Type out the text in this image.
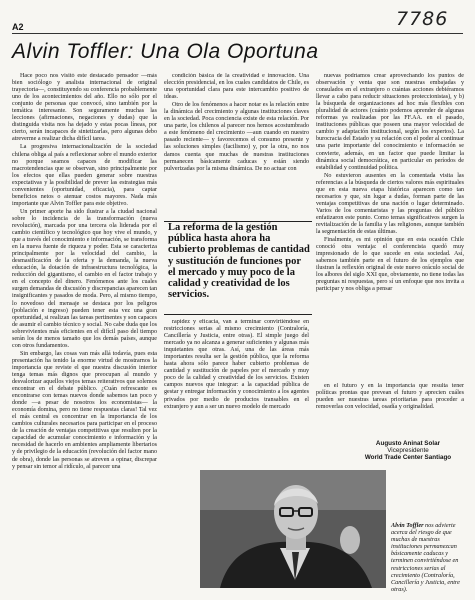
7786
A2
Alvin Toffler: Una Ola Oportuna

Hace poco nos visitó este destacado pensador —más bien sociólogo y analista internacional de original trayectoria—, constituyendo su conferencia probablemente uno de los acontecimientos del año. Ello no sólo por el conjunto de personas que convocó, sino también por la temática interesante. Son seguramente muchas las lecciones (afirmaciones, negaciones y dudas) que la distinguida visita nos ha dejado y estas pocas líneas, por cierto, serán incapaces de sintetizarlas, pero algunas debo atreverme a realizar dicha difícil tarea.

La progresiva internacionalización de la sociedad chilena obliga al país a reflexionar sobre el mundo exterior no porque seamos capaces de modificar las macrotendencias que se observan, sino principalmente por los efectos que ellas pueden generar sobre nuestras expectativas y la posibilidad de prever las estrategias más convenientes (oportunidad, eficacia), para captar beneficios netos o atenuar costos mayores. Nada más importante que Alvin Toffler para este objetivo.

Un primer aporte ha sido ilustrar a la ciudad nacional sobre lo incidencia de la transformación (nueva revolución), marcada por una tercera ola liderada por el cambio científico y tecnológico que hoy vive el mundo, y que a través del conocimiento e información, se transforma en la nueva fuente de riqueza y poder. Esta se caracteriza principalmente por la velocidad del cambio, la desmasificación de la oferta y la demanda, la nueva educación, la dotación de infraestructura tecnológica, la reducción del gigantismo, el cambio en el factor trabajo y en el concepto del dinero. Fenómenos ante los cuales surgen demandas de discusión y discrepancias aparecen tan insignificantes y pasados de moda. Pero, al mismo tiempo, lo novedoso del mensaje se destaca por los peligros (población e ingreso) pueden tener esta vez una gran oportunidad, si realizan las tareas pertinentes y son capaces de asumir el cambio técnico y social. No cabe duda que los sobrevivientes más eficientes en el difícil paso del tiempo serán los de menos tamaño que los demás países, aunque con otros fundamentos.

Sin embargo, las cosas van más allá todavía, pues esta presentación ha tenido la enorme virtud de mostrarnos la importancia que reviste el que nuestra discusión interior tenga temas más dignos que preocupan al mundo y desvalorizar aquellos viejos temas reiterativos que solemos encontrar en el debate público. ¿Cuán refrescante es encontrarse con temas nuevos donde sabemos tan poco y donde —a pesar de nosotros los economistas— la economía domina, pero no tiene respuestas claras! Tal vez el más central es concentrar en la importancia de los cambios culturales necesarios para participar en el proceso de la creación de ventajas competitivas que resulten por la capacidad de acumular conocimiento e información y la necesidad de hacerlo en ambientes ampliamente libertarios y de privilegio de la educación (revolución del factor mano de obra), donde las personas se atreven a opinar, discrepar y pensar sin temor al ridículo, al parecer una

condición básica de la creatividad e innovación. Una elección presidencial, en los cuales candidatos de Chile, es una oportunidad clara para este intercambio positivo de ideas.

Otro de los fenómenos a hacer notar es la relación entre la dinámica del crecimiento y algunas instituciones claves en la sociedad. Poca conciencia existe de esta relación. Por una parte, los chilenos al parecer nos hemos acostumbrado a este fenómeno del crecimiento —aun cuando en nuestro pasado reciente— y favorecemos el consumo presente y las soluciones simples (facilismo) y, por la otra, no nos damos cuenta que muchas de nuestras instituciones permanecen básicamente caducas y están siendo pulverizadas por la misma dinámica. De no actuar con

La reforma de la gestión pública hasta ahora ha cubierto problemas de cantidad y sustitución de funciones por el mercado y muy poco de la calidad y creatividad de los servicios.

rapidez y eficacia, van a terminar convirtiéndose en restricciones serias al mismo crecimiento (Contraloría, Cancillería y Justicia, entre otras). El simple juego del mercado ya no alcanza a generar suficientes y algunas más inquietantes que otras. Así, una de las áreas más importantes resulta ser la gestión pública, que la reforma hasta ahora sólo parece haber cubierto problemas de cantidad y sustitución de papeles por el mercado y muy poco de la calidad y creatividad de los servicios. Existen campos nuevos que integrar: a la capacidad pública de gestar y entregar información y conocimiento a los agentes privados por medio de productos transables en el extranjero y aun a ser un nuevo modelo de mercado

nuevas podríamos crear aprovechando los puntos de observación y venta que son nuestras embajadas y consulados en el extranjero o cuántas acciones debiéramos llevar a cabo para reducir situaciones proteccionistas), y b) la búsqueda de organizaciones ad hoc más flexibles con pluralidad de actores (cuánto podemos aprender de algunas reformas ya realizadas por las FF.AA. en el pasado, instituciones públicas que poseen una mayor velocidad de cambio y adaptación institucional, según los expertos). La burocracia del Estado y su relación con el poder al continuar una parte importante del conocimiento e información se convierte, además, en un factor que puede limitar la dinámica social democrática, en particular en períodos de estabilidad y continuidad política.

No estuvieron ausentes en la comentada visita las referencias a la búsqueda de ciertos valores más espirituales que en esta nueva etapa histórica aparecen como tan necesarios y que, sin lugar a dudas, forman parte de las ventajas competitivas de una nación o lugar determinado. Varios de los comentaristas y las preguntas del público enfatizaron este punto. Como temas significativos surgen la revitalización de la familia y las religiones, aunque también la segmentación de estas últimas.

Finalmente, es mi opinión que en esta ocasión Chile conoció otra ventaja: el conferencista quedó muy impresionado de lo que sucede en esta sociedad. Así, sabemos también parte en el futuro de los ejemplos que ilustran la reflexión original de este nuevo oráculo social de los albores del siglo XXI que, obviamente, no tiene todas las preguntas ni respuestas, pero sí un enfoque que nos invita a participar y nos obliga a pensar

en el futuro y en la importancia que resulta tener políticas prontas que prevean el futuro y aprecien cuáles pueden ser nuestras tareas prioritarias para proceder a removerlas con velocidad, osadía y originalidad.

Augusto Aninat Solar
Vicepresidente
World Trade Center Santiago
Alvin Toffler nos advierte acerca del riesgo de que muchas de nuestras instituciones permanezcan básicamente caducas y terminen convirtiéndose en restricciones serias al crecimiento (Contraloría, Cancillería y Justicia, entre otras).
